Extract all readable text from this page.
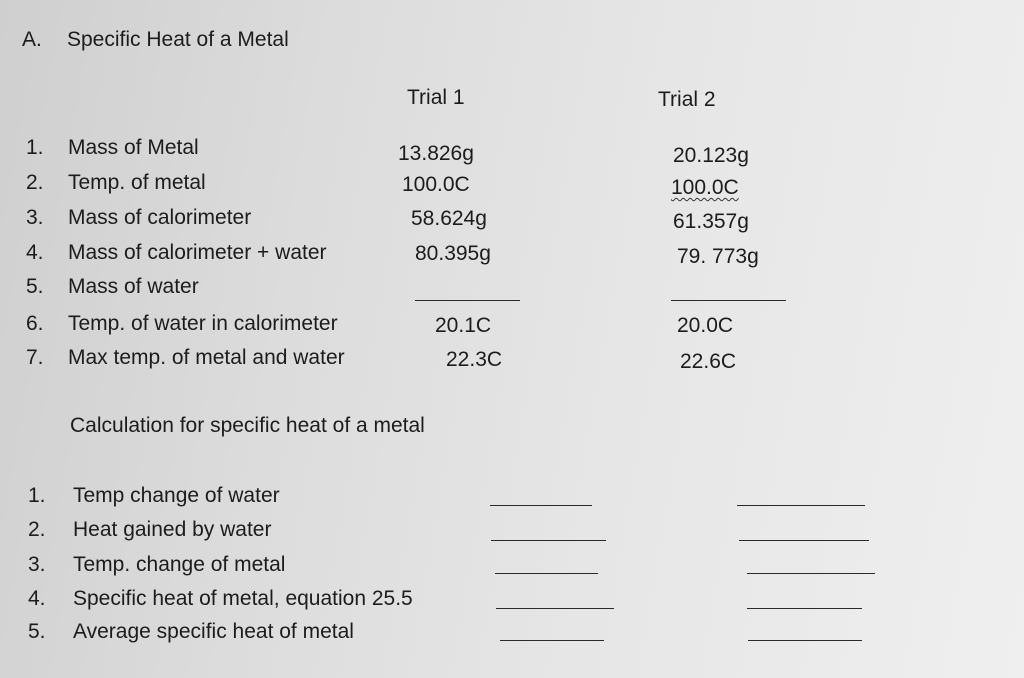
A. Specific Heat of a Metal
Trial 1	Trial 2
1. Mass of Metal	13.826g	20.123g
2. Temp. of metal	100.0C	100.0C
3. Mass of calorimeter	58.624g	61.357g
4. Mass of calorimeter + water	80.395g	79. 773g
5. Mass of water
6. Temp. of water in calorimeter	20.1C	20.0C
7. Max temp. of metal and water	22.3C	22.6C
Calculation for specific heat of a metal
1. Temp change of water
2. Heat gained by water
3. Temp. change of metal
4. Specific heat of metal, equation 25.5
5. Average specific heat of metal
